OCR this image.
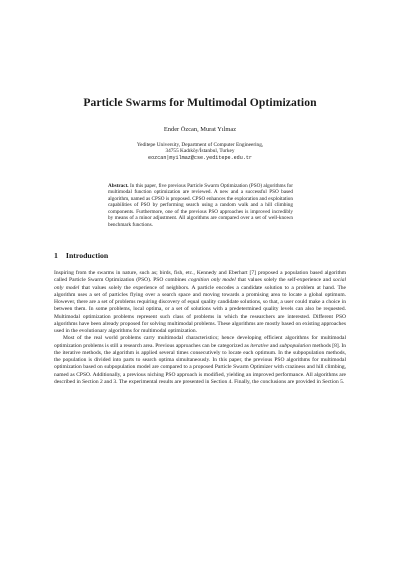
Particle Swarms for Multimodal Optimization
Ender Özcan, Murat Yılmaz
Yeditepe University, Department of Computer Engineering,
34755 Kadıköy/İstanbul, Turkey
eozcan|myilmaz@cse.yeditepe.edu.tr
Abstract. In this paper, five previous Particle Swarm Optimization (PSO) algorithms for multimodal function optimization are reviewed. A new and a successful PSO based algorithm, named as CPSO is proposed. CPSO enhances the exploration and exploitation capabilities of PSO by performing search using a random walk and a hill climbing components. Furthermore, one of the previous PSO approaches is improved incredibly by means of a minor adjustment. All algorithms are compared over a set of well-known benchmark functions.
1 Introduction

Inspiring from the swarms in nature, such as; birds, fish, etc., Kennedy and Eberhart [7] proposed a population based algorithm called Particle Swarm Optimization (PSO). PSO combines cognition only model that values solely the self-experience and social only model that values solely the experience of neighbors. A particle encodes a candidate solution to a problem at hand. The algorithm uses a set of particles flying over a search space and moving towards a promising area to locate a global optimum. However, there are a set of problems requiring discovery of equal quality candidate solutions, so that, a user could make a choice in between them. In some problems, local optima, or a set of solutions with a predetermined quality levels can also be requested. Multimodal optimization problems represent such class of problems in which the researchers are interested. Different PSO algorithms have been already proposed for solving multimodal problems. These algorithms are mostly based on existing approaches used in the evolutionary algorithms for multimodal optimization.

Most of the real world problems carry multimodal characteristics; hence developing efficient algorithms for multimodal optimization problems is still a research area. Previous approaches can be categorized as iterative and subpopulation methods [8]. In the iterative methods, the algorithm is applied several times consecutively to locate each optimum. In the subpopulation methods, the population is divided into parts to search optima simultaneously. In this paper, the previous PSO algorithms for multimodal optimization based on subpopulation model are compared to a proposed Particle Swarm Optimizer with craziness and hill climbing, named as CPSO. Additionally, a previous niching PSO approach is modified, yielding an improved performance. All algorithms are described in Section 2 and 3. The experimental results are presented in Section 4. Finally, the conclusions are provided in Section 5.
